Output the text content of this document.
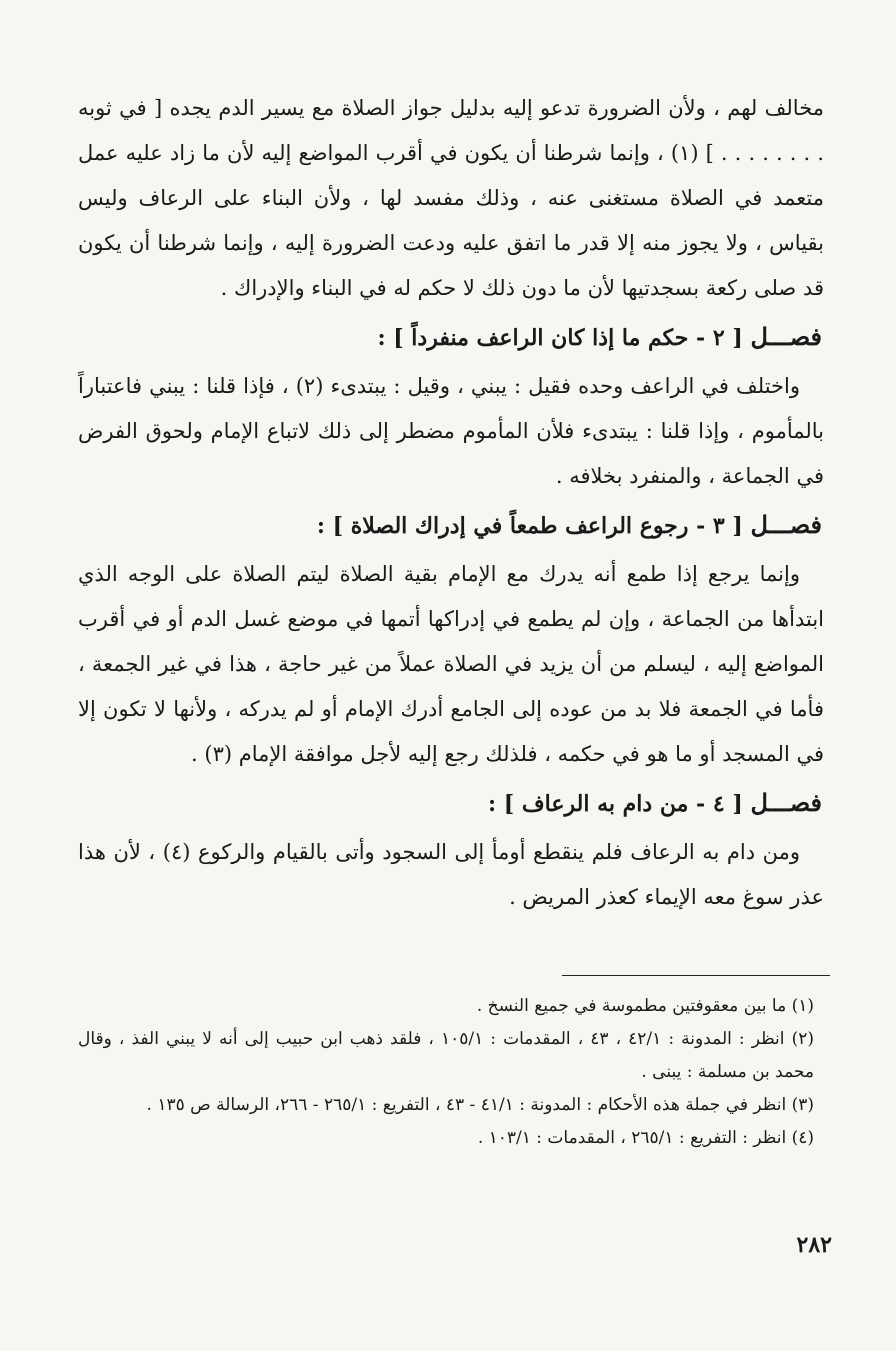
مخالف لهم ، ولأن الضرورة تدعو إليه بدليل جواز الصلاة مع يسير الدم يجده [ في ثوبه . . . . . . . . ] (١) ، وإنما شرطنا أن يكون في أقرب المواضع إليه لأن ما زاد عليه عمل متعمد في الصلاة مستغنى عنه ، وذلك مفسد لها ، ولأن البناء على الرعاف وليس بقياس ، ولا يجوز منه إلا قدر ما اتفق عليه ودعت الضرورة إليه ، وإنما شرطنا أن يكون قد صلى ركعة بسجدتيها لأن ما دون ذلك لا حكم له في البناء والإدراك .

فصـــل [ ٢ - حكم ما إذا كان الراعف منفرداً ] :

واختلف في الراعف وحده فقيل : يبني ، وقيل : يبتدىء (٢) ، فإذا قلنا : يبني فاعتباراً بالمأموم ، وإذا قلنا : يبتدىء فلأن المأموم مضطر إلى ذلك لاتباع الإمام ولحوق الفرض في الجماعة ، والمنفرد بخلافه .

فصـــل [ ٣ - رجوع الراعف طمعاً في إدراك الصلاة ] :

وإنما يرجع إذا طمع أنه يدرك مع الإمام بقية الصلاة ليتم الصلاة على الوجه الذي ابتدأها من الجماعة ، وإن لم يطمع في إدراكها أتمها في موضع غسل الدم أو في أقرب المواضع إليه ، ليسلم من أن يزيد في الصلاة عملاً من غير حاجة ، هذا في غير الجمعة ، فأما في الجمعة فلا بد من عوده إلى الجامع أدرك الإمام أو لم يدركه ، ولأنها لا تكون إلا في المسجد أو ما هو في حكمه ، فلذلك رجع إليه لأجل موافقة الإمام (٣) .

فصـــل [ ٤ - من دام به الرعاف ] :

ومن دام به الرعاف فلم ينقطع أومأ إلى السجود وأتى بالقيام والركوع (٤) ، لأن هذا عذر سوغ معه الإيماء كعذر المريض .

(١) ما بين معقوفتين مطموسة في جميع النسخ .

(٢) انظر : المدونة : ٤٢/١ ، ٤٣ ، المقدمات : ١٠٥/١ ، فلقد ذهب ابن حبيب إلى أنه لا يبني الفذ ، وقال محمد بن مسلمة : يبنى .

(٣) انظر في جملة هذه الأحكام : المدونة : ٤١/١ - ٤٣ ، التفريع : ٢٦٥/١ - ٢٦٦، الرسالة ص ١٣٥ .

(٤) انظر : التفريع : ٢٦٥/١ ، المقدمات : ١٠٣/١ .

٢٨٢
